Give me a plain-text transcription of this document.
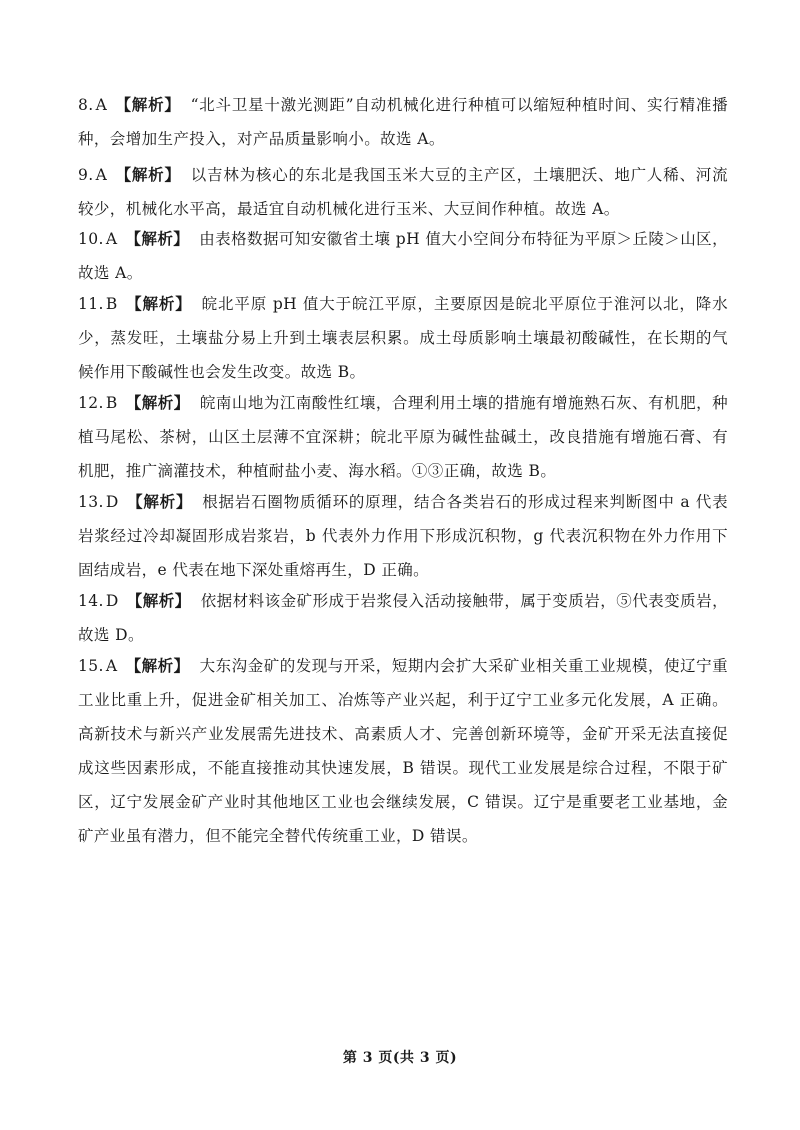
8. A 【解析】 “北斗卫星十激光测距”自动机械化进行种植可以缩短种植时间、实行精准播种，会增加生产投入，对产品质量影响小。故选 A。
9. A 【解析】 以吉林为核心的东北是我国玉米大豆的主产区，土壤肥沃、地广人稀、河流较少，机械化水平高，最适宜自动机械化进行玉米、大豆间作种植。故选 A。
10. A 【解析】 由表格数据可知安徽省土壤 pH 值大小空间分布特征为平原＞丘陵＞山区，故选 A。
11. B 【解析】 皖北平原 pH 值大于皖江平原，主要原因是皖北平原位于淮河以北，降水少，蒸发旺，土壤盐分易上升到土壤表层积累。成土母质影响土壤最初酸碱性，在长期的气候作用下酸碱性也会发生改变。故选 B。
12. B 【解析】 皖南山地为江南酸性红壤，合理利用土壤的措施有增施熟石灰、有机肥，种植马尾松、茶树，山区土层薄不宜深耕；皖北平原为碱性盐碱土，改良措施有增施石膏、有机肥，推广滴灌技术，种植耐盐小麦、海水稻。①③正确，故选 B。
13. D 【解析】 根据岩石圈物质循环的原理，结合各类岩石的形成过程来判断图中 a 代表岩浆经过冷却凝固形成岩浆岩，b 代表外力作用下形成沉积物，g 代表沉积物在外力作用下固结成岩，e 代表在地下深处重熔再生，D 正确。
14. D 【解析】 依据材料该金矿形成于岩浆侵入活动接触带，属于变质岩，⑤代表变质岩，故选 D。
15. A 【解析】 大东沟金矿的发现与开采，短期内会扩大采矿业相关重工业规模，使辽宁重工业比重上升，促进金矿相关加工、冶炼等产业兴起，利于辽宁工业多元化发展，A 正确。高新技术与新兴产业发展需先进技术、高素质人才、完善创新环境等，金矿开采无法直接促成这些因素形成，不能直接推动其快速发展，B 错误。现代工业发展是综合过程，不限于矿区，辽宁发展金矿产业时其他地区工业也会继续发展，C 错误。辽宁是重要老工业基地，金矿产业虽有潜力，但不能完全替代传统重工业，D 错误。
第 3 页(共 3 页)
